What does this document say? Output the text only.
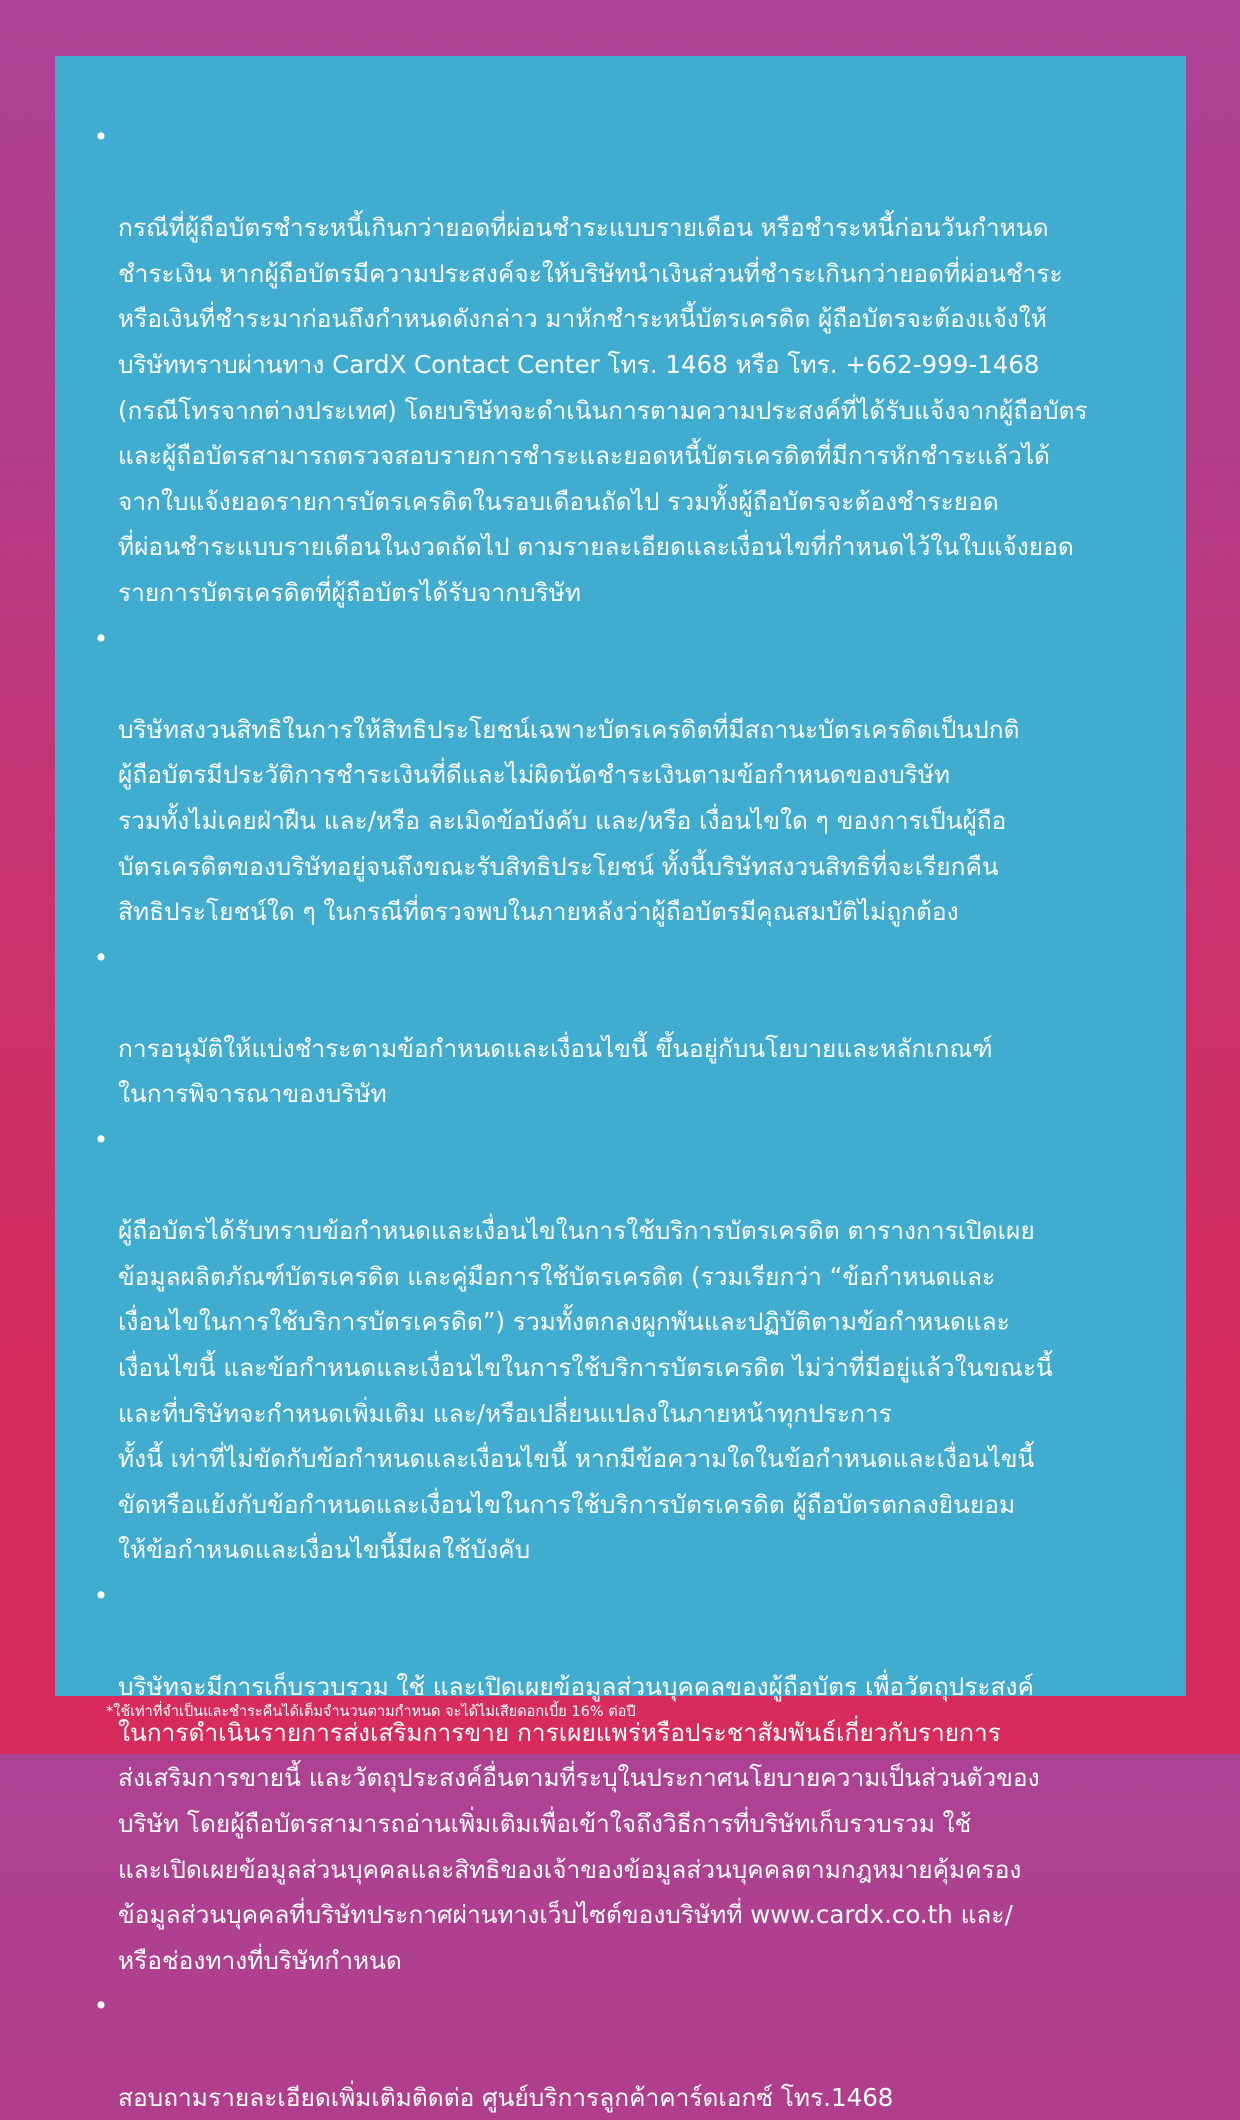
•

กรณีที่ผู้ถือบัตรชำระหนี้เกินกว่ายอดที่ผ่อนชำระแบบรายเดือน หรือชำระหนี้ก่อนวันกำหนด
ชำระเงิน หากผู้ถือบัตรมีความประสงค์จะให้บริษัทนำเงินส่วนที่ชำระเกินกว่ายอดที่ผ่อนชำระ
หรือเงินที่ชำระมาก่อนถึงกำหนดดังกล่าว มาหักชำระหนี้บัตรเครดิต ผู้ถือบัตรจะต้องแจ้งให้
บริษัททราบผ่านทาง CardX Contact Center โทร. 1468 หรือ โทร. +662-999-1468
(กรณีโทรจากต่างประเทศ) โดยบริษัทจะดำเนินการตามความประสงค์ที่ได้รับแจ้งจากผู้ถือบัตร
และผู้ถือบัตรสามารถตรวจสอบรายการชำระและยอดหนี้บัตรเครดิตที่มีการหักชำระแล้วได้
จากใบแจ้งยอดรายการบัตรเครดิตในรอบเดือนถัดไป รวมทั้งผู้ถือบัตรจะต้องชำระยอด
ที่ผ่อนชำระแบบรายเดือนในงวดถัดไป ตามรายละเอียดและเงื่อนไขที่กำหนดไว้ในใบแจ้งยอด
รายการบัตรเครดิตที่ผู้ถือบัตรได้รับจากบริษัท

•

บริษัทสงวนสิทธิในการให้สิทธิประโยชน์เฉพาะบัตรเครดิตที่มีสถานะบัตรเครดิตเป็นปกติ
ผู้ถือบัตรมีประวัติการชำระเงินที่ดีและไม่ผิดนัดชำระเงินตามข้อกำหนดของบริษัท
รวมทั้งไม่เคยฝ่าฝืน และ/หรือ ละเมิดข้อบังคับ และ/หรือ เงื่อนไขใด ๆ ของการเป็นผู้ถือ
บัตรเครดิตของบริษัทอยู่จนถึงขณะรับสิทธิประโยชน์ ทั้งนี้บริษัทสงวนสิทธิที่จะเรียกคืน
สิทธิประโยชน์ใด ๆ ในกรณีที่ตรวจพบในภายหลังว่าผู้ถือบัตรมีคุณสมบัติไม่ถูกต้อง

•

การอนุมัติให้แบ่งชำระตามข้อกำหนดและเงื่อนไขนี้ ขึ้นอยู่กับนโยบายและหลักเกณฑ์
ในการพิจารณาของบริษัท

•

ผู้ถือบัตรได้รับทราบข้อกำหนดและเงื่อนไขในการใช้บริการบัตรเครดิต ตารางการเปิดเผย
ข้อมูลผลิตภัณฑ์บัตรเครดิต และคู่มือการใช้บัตรเครดิต (รวมเรียกว่า “ข้อกำหนดและ
เงื่อนไขในการใช้บริการบัตรเครดิต”) รวมทั้งตกลงผูกพันและปฏิบัติตามข้อกำหนดและ
เงื่อนไขนี้ และข้อกำหนดและเงื่อนไขในการใช้บริการบัตรเครดิต ไม่ว่าที่มีอยู่แล้วในขณะนี้
และที่บริษัทจะกำหนดเพิ่มเติม และ/หรือเปลี่ยนแปลงในภายหน้าทุกประการ
ทั้งนี้ เท่าที่ไม่ขัดกับข้อกำหนดและเงื่อนไขนี้ หากมีข้อความใดในข้อกำหนดและเงื่อนไขนี้
ขัดหรือแย้งกับข้อกำหนดและเงื่อนไขในการใช้บริการบัตรเครดิต ผู้ถือบัตรตกลงยินยอม
ให้ข้อกำหนดและเงื่อนไขนี้มีผลใช้บังคับ

•

บริษัทจะมีการเก็บรวบรวม ใช้ และเปิดเผยข้อมูลส่วนบุคคลของผู้ถือบัตร เพื่อวัตถุประสงค์
ในการดำเนินรายการส่งเสริมการขาย การเผยแพร่หรือประชาสัมพันธ์เกี่ยวกับรายการ
ส่งเสริมการขายนี้ และวัตถุประสงค์อื่นตามที่ระบุในประกาศนโยบายความเป็นส่วนตัวของ
บริษัท โดยผู้ถือบัตรสามารถอ่านเพิ่มเติมเพื่อเข้าใจถึงวิธีการที่บริษัทเก็บรวบรวม ใช้
และเปิดเผยข้อมูลส่วนบุคคลและสิทธิของเจ้าของข้อมูลส่วนบุคคลตามกฎหมายคุ้มครอง
ข้อมูลส่วนบุคคลที่บริษัทประกาศผ่านทางเว็บไซต์ของบริษัทที่ www.cardx.co.th และ/
หรือช่องทางที่บริษัทกำหนด

•

สอบถามรายละเอียดเพิ่มเติมติดต่อ ศูนย์บริการลูกค้าคาร์ดเอกซ์ โทร.1468

*ใช้เท่าที่จำเป็นและชำระคืนได้เต็มจำนวนตามกำหนด จะได้ไม่เสียดอกเบี้ย 16% ต่อปี
